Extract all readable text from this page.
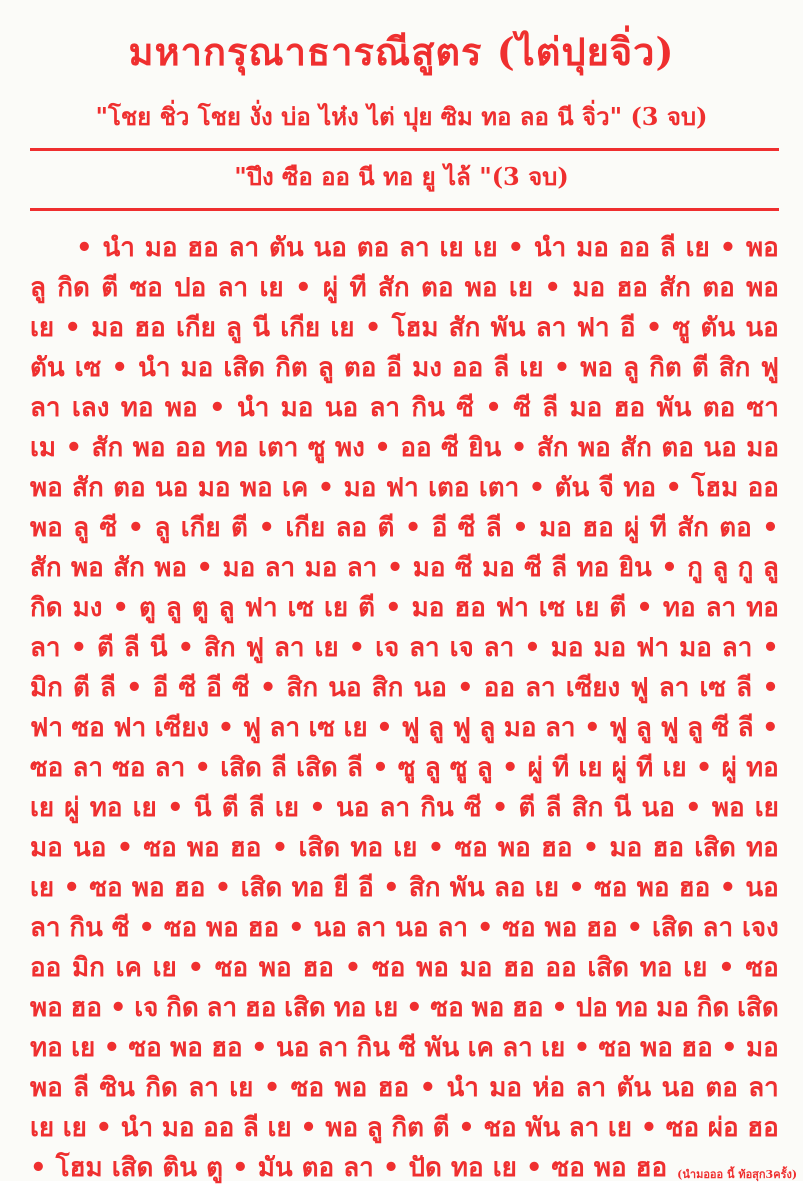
มหากรุณาธารณีสูตร (ไต่ปุยจิ่ว)
"โชย ชิ่ว โชย งั่ง บ่อ ไห๋ง ไต่ ปุย ซิม ทอ ลอ นี จิ่ว" (3 จบ)
"ปึง ซือ ออ นี ทอ ยู ไล้ "(3 จบ)
• นำ มอ ฮอ ลา ตัน นอ ตอ ลา เย เย • นำ มอ ออ ลี เย • พอ
ลู กิด ตี ซอ ปอ ลา เย • ผู่ ที สัก ตอ พอ เย • มอ ฮอ สัก ตอ พอ
เย • มอ ฮอ เกีย ลู นี เกีย เย • โฮม สัก พัน ลา ฟา อี • ซู ตัน นอ
ตัน เซ • นำ มอ เสิด กิต ลู ตอ อี มง ออ ลี เย • พอ ลู กิต ตี สิก ฟู
ลา เลง ทอ พอ • นำ มอ นอ ลา กิน ซี • ซี ลี มอ ฮอ พัน ตอ ซา
เม • สัก พอ ออ ทอ เตา ซู พง • ออ ซี ยิน • สัก พอ สัก ตอ นอ มอ
พอ สัก ตอ นอ มอ พอ เค • มอ ฟา เตอ เตา • ตัน จี ทอ • โฮม ออ
พอ ลู ซี • ลู เกีย ตี • เกีย ลอ ตี • อี ซี ลี • มอ ฮอ ผู่ ที สัก ตอ •
สัก พอ สัก พอ • มอ ลา มอ ลา • มอ ซี มอ ซี ลี ทอ ยิน • กู ลู กู ลู
กิด มง • ตู ลู ตู ลู ฟา เซ เย ตี • มอ ฮอ ฟา เซ เย ตี • ทอ ลา ทอ
ลา • ตี ลี นี • สิก ฟู ลา เย • เจ ลา เจ ลา • มอ มอ ฟา มอ ลา •
มิก ตี ลี • อี ซี อี ซี • สิก นอ สิก นอ • ออ ลา เซียง ฟู ลา เซ ลี •
ฟา ซอ ฟา เซียง • ฟู ลา เซ เย • ฟู ลู ฟู ลู มอ ลา • ฟู ลู ฟู ลู ซี ลี •
ซอ ลา ซอ ลา • เสิด ลี เสิด ลี • ซู ลู ซู ลู • ผู่ ที เย ผู่ ที เย • ผู่ ทอ
เย ผู่ ทอ เย • นี ตี ลี เย • นอ ลา กิน ซี • ตี ลี สิก นี นอ • พอ เย
มอ นอ • ซอ พอ ฮอ • เสิด ทอ เย • ซอ พอ ฮอ • มอ ฮอ เสิด ทอ
เย • ซอ พอ ฮอ • เสิด ทอ ยี อี • สิก พัน ลอ เย • ซอ พอ ฮอ • นอ
ลา กิน ซี • ซอ พอ ฮอ • นอ ลา นอ ลา • ซอ พอ ฮอ • เสิด ลา เจง
ออ มิก เค เย • ซอ พอ ฮอ • ซอ พอ มอ ฮอ ออ เสิด ทอ เย • ซอ
พอ ฮอ • เจ กิด ลา ฮอ เสิด ทอ เย • ซอ พอ ฮอ • ปอ ทอ มอ กิด เสิด
ทอ เย • ซอ พอ ฮอ • นอ ลา กิน ซี พัน เค ลา เย • ซอ พอ ฮอ • มอ
พอ ลี ซิน กิด ลา เย • ซอ พอ ฮอ • นำ มอ ห่อ ลา ตัน นอ ตอ ลา
เย เย • นำ มอ ออ ลี เย • พอ ลู กิต ตี • ชอ พัน ลา เย • ซอ ผ่อ ฮอ
• โฮม เสิด ติน ตู • มัน ตอ ลา • ปัด ทอ เย • ซอ พอ ฮอ (นำมอออ นี้ ท้อสุก3ครั้ง)
